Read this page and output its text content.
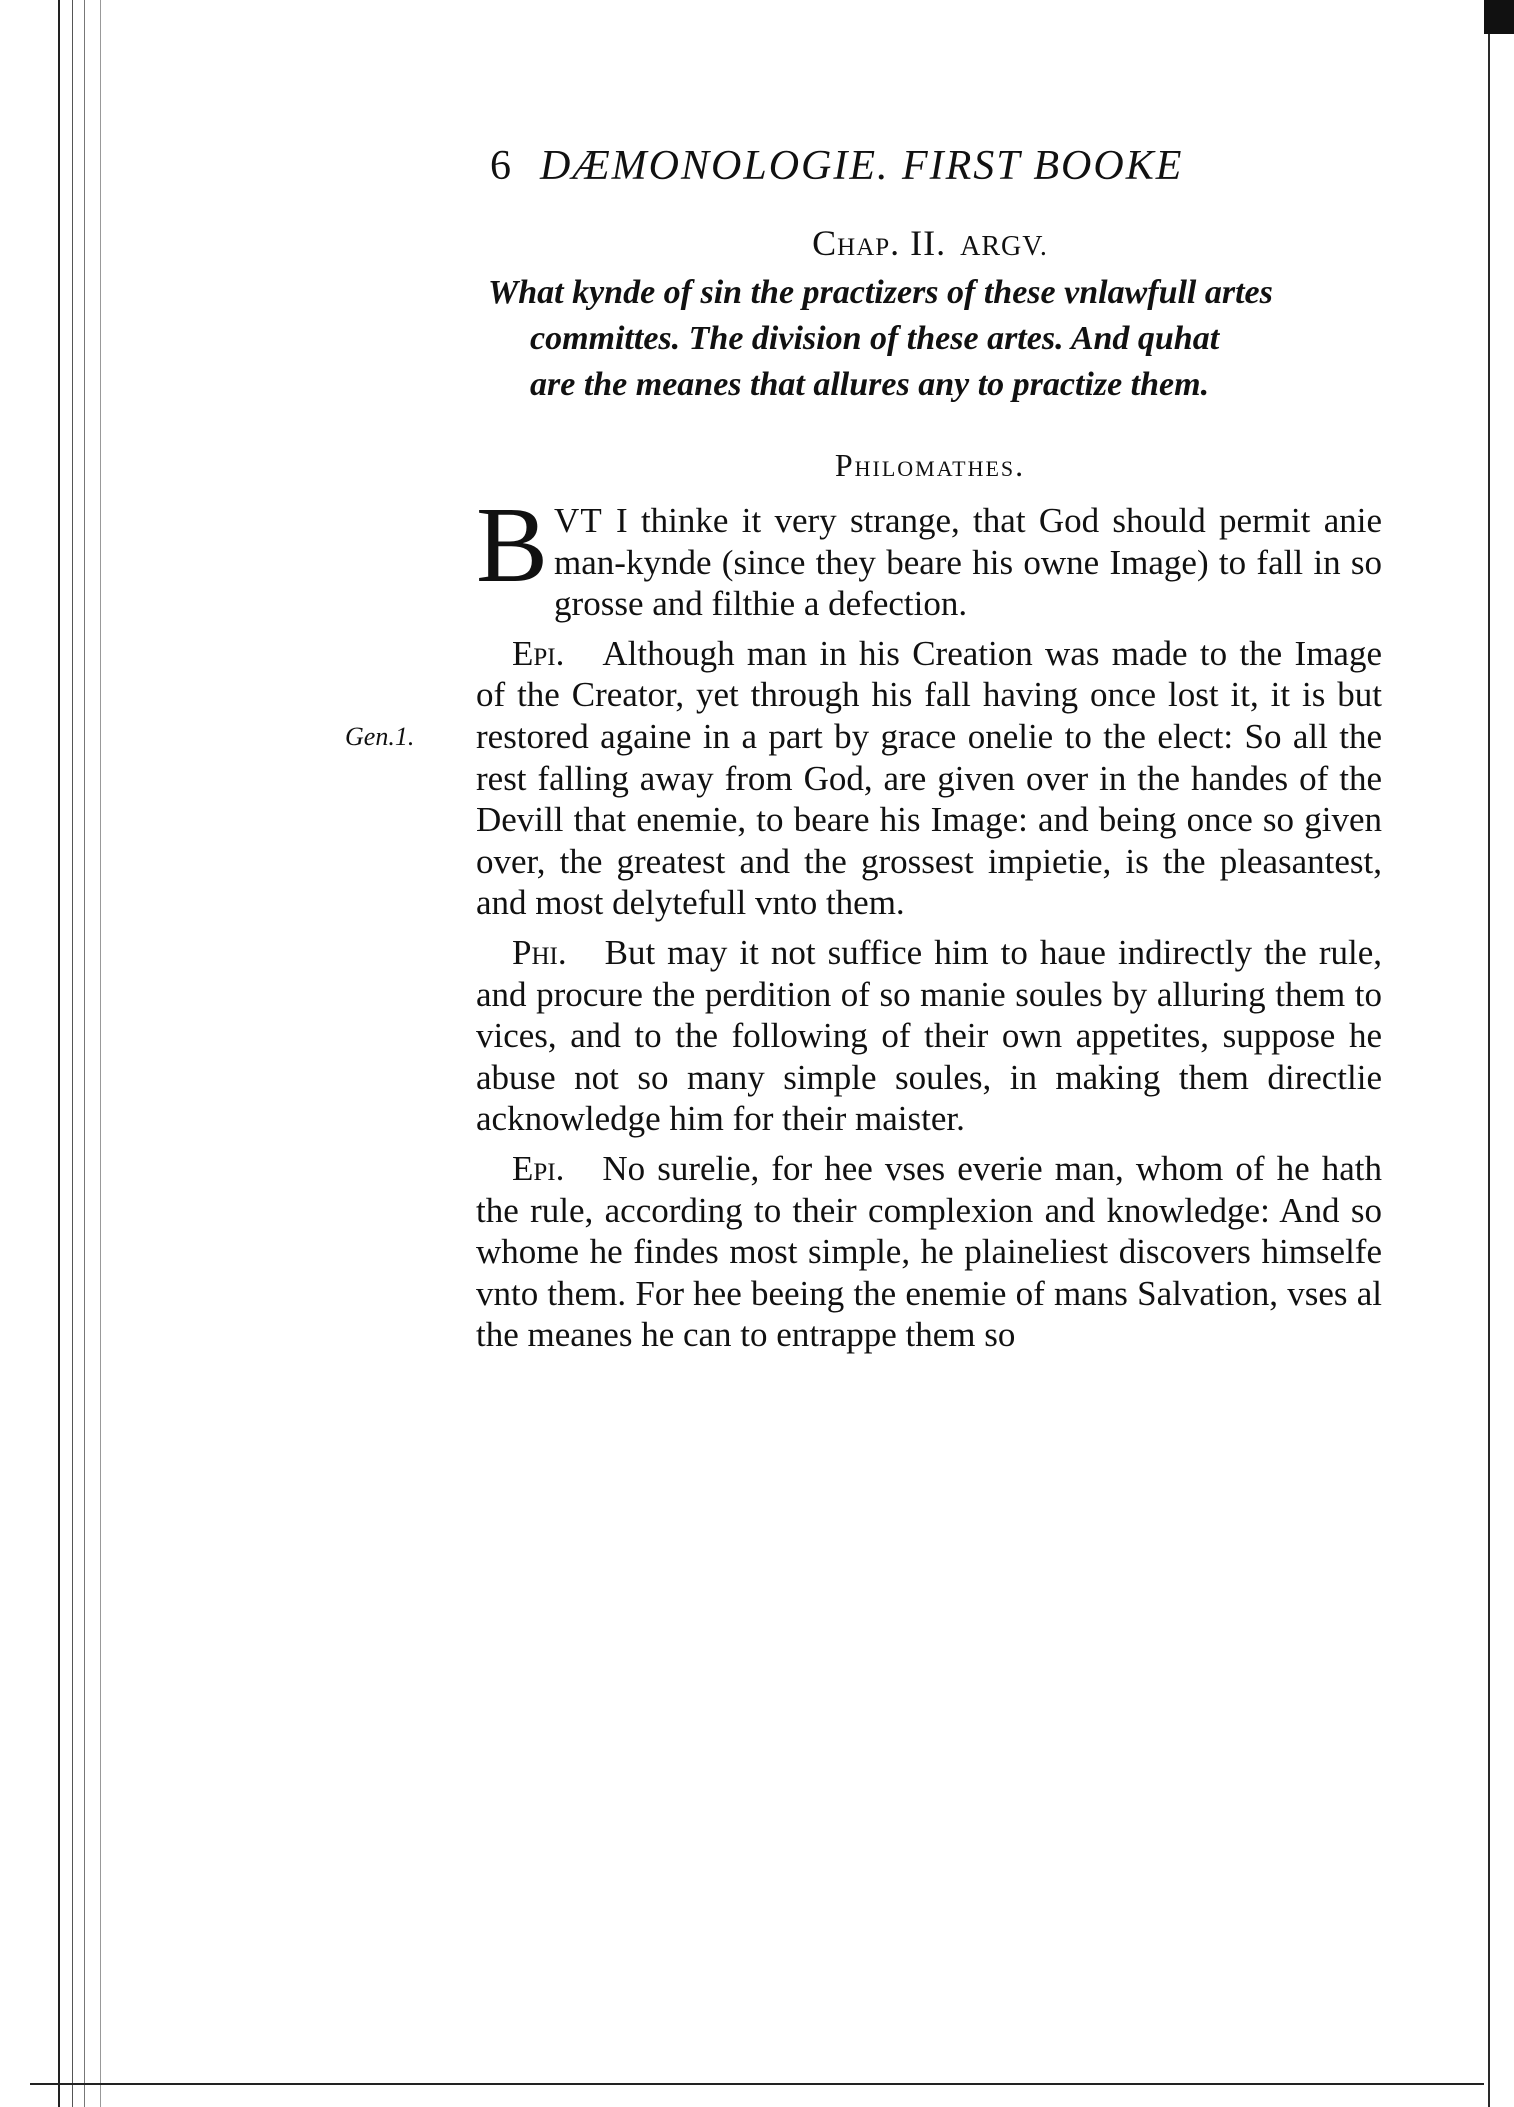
6 DÆMONOLOGIE. FIRST BOOKE
Chap. II. ARGV.
What kynde of sin the practizers of these vnlawfull artes
committes. The division of these artes. And quhat
are the meanes that allures any to practize them.
Philomathes.
Gen.1.

BVT I thinke it very strange, that God should permit anie man-kynde (since they beare his owne Image) to fall in so grosse and filthie a defection.

Epi. Although man in his Creation was made to the Image of the Creator, yet through his fall having once lost it, it is but restored againe in a part by grace onelie to the elect: So all the rest falling away from God, are given over in the handes of the Devill that enemie, to beare his Image: and being once so given over, the greatest and the grossest impietie, is the pleasantest, and most delytefull vnto them.

Phi. But may it not suffice him to haue indirectly the rule, and procure the perdition of so manie soules by alluring them to vices, and to the following of their own appetites, suppose he abuse not so many simple soules, in making them directlie acknowledge him for their maister.

Epi. No surelie, for hee vses everie man, whom of he hath the rule, according to their complexion and knowledge: And so whome he findes most simple, he plaineliest discovers himselfe vnto them. For hee beeing the enemie of mans Salvation, vses al the meanes he can to entrappe them so
